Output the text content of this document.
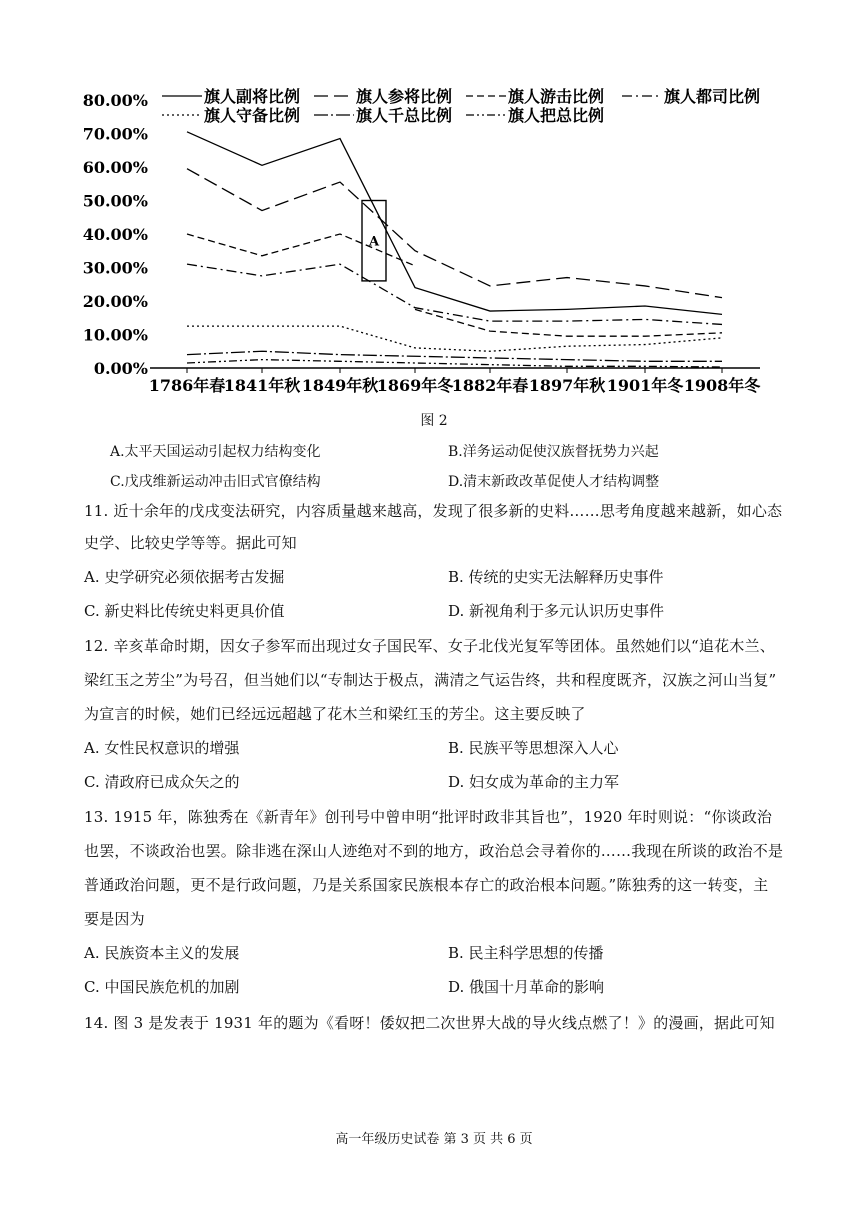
80.00%
70.00%
60.00%
50.00%
40.00%
30.00%
20.00%
10.00%
0.00%
1786年春
1841年秋 1849年秋
1869年冬
1882年春 1897年秋 1901年冬 1908年冬
旗人副将比例	旗人参将比例	旗人游击比例	旗人都司比例
旗人守备比例	旗人千总比例	旗人把总比例
A
图 2
A.太平天国运动引起权力结构变化	B.洋务运动促使汉族督抚势力兴起
C.戊戌维新运动冲击旧式官僚结构	D.清末新政改革促使人才结构调整
11. 近十余年的戊戌变法研究，内容质量越来越高，发现了很多新的史料……思考角度越来越新，如心态
史学、比较史学等等。据此可知
A. 史学研究必须依据考古发掘	B. 传统的史实无法解释历史事件
C. 新史料比传统史料更具价值	D. 新视角利于多元认识历史事件
12. 辛亥革命时期，因女子参军而出现过女子国民军、女子北伐光复军等团体。虽然她们以“追花木兰、
梁红玉之芳尘”为号召，但当她们以“专制达于极点，满清之气运告终，共和程度既齐，汉族之河山当复”
为宣言的时候，她们已经远远超越了花木兰和梁红玉的芳尘。这主要反映了
A. 女性民权意识的增强	B. 民族平等思想深入人心
C. 清政府已成众矢之的	D. 妇女成为革命的主力军
13. 1915 年，陈独秀在《新青年》创刊号中曾申明“批评时政非其旨也”，1920 年时则说：“你谈政治
也罢，不谈政治也罢。除非逃在深山人迹绝对不到的地方，政治总会寻着你的……我现在所谈的政治不是
普通政治问题，更不是行政问题，乃是关系国家民族根本存亡的政治根本问题。”陈独秀的这一转变，主
要是因为
A. 民族资本主义的发展	B. 民主科学思想的传播
C. 中国民族危机的加剧	D. 俄国十月革命的影响
14. 图 3 是发表于 1931 年的题为《看呀！倭奴把二次世界大战的导火线点燃了！》的漫画，据此可知
高一年级历史试卷 第 3 页 共 6 页
